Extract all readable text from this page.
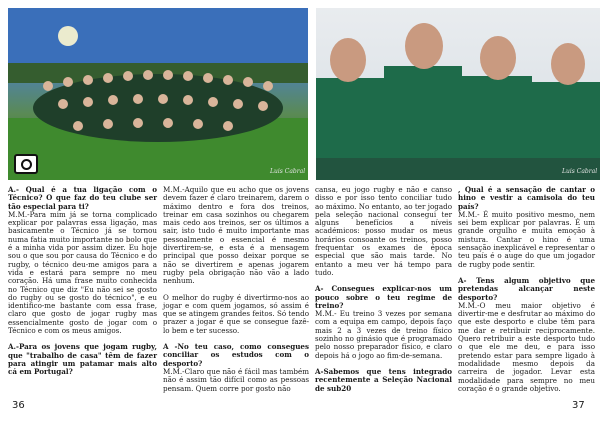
Luis Cabral	Luis Cabral

A.- Qual é a tua ligação com o Técnico? O que faz do teu clube ser tão especial para ti?
M.M.-Para mim já se torna complicado explicar por palavras essa ligação, mas basicamente o Técnico já se tornou numa fatia muito importante no bolo que é a minha vida por assim dizer. Eu hoje sou o que sou por causa do Técnico e do rugby, o técnico deu-me amigos para a vida e estará para sempre no meu coração. Há uma frase muito conhecida no Técnico que diz "Eu não sei se gosto do rugby ou se gosto do técnico", e eu identifico-me bastante com essa frase, claro que gosto de jogar rugby mas essencialmente gosto de jogar com o Técnico e com os meus amigos.

A.-Para os jovens que jogam rugby, que "trabalho de casa" têm de fazer para atingir um patamar mais alto cá em Portugal?

M.M.-Aquilo que eu acho que os jovens devem fazer é claro treinarem, darem o máximo dentro e fora dos treinos, treinar em casa sozinhos ou chegarem mais cedo aos treinos, ser os últimos a sair, isto tudo é muito importante mas pessoalmente o essencial é mesmo divertirem-se, e esta é a mensagem principal que posso deixar porque se não se divertirem e apenas jogarem rugby pela obrigação não vão a lado nenhum.

O melhor do rugby é divertirmo-nos ao jogar e com quem jogamos, só assim é que se atingem grandes feitos. Só tendo prazer a jogar é que se consegue fazê-lo bem e ter sucesso.

A -No teu caso, como consegues conciliar os estudos com o desporto?
M.M.-Claro que não é fácil mas também não é assim tão difícil como as pessoas pensam. Quem corre por gosto não

cansa, eu jogo rugby e não e canso disso e por isso tento conciliar tudo ao máximo. No entanto, ao ter jogado pela seleção nacional consegui ter alguns benefícios a níveis académicos: posso mudar os meus horários consoante os treinos, posso frequentar os exames de época especial que são mais tarde. No entanto a meu ver há tempo para tudo.

A- Consegues explicar-nos um pouco sobre o teu regime de treino?
M.M.- Eu treino 3 vezes por semana com a equipa em campo, depois faço mais 2 a 3 vezes de treino físico sozinho no ginásio que é programado pelo nosso preparador físico, e claro depois há o jogo ao fim-de-semana.

A-Sabemos que tens integrado recentemente a Seleção Nacional de sub20

, Qual é a sensação de cantar o hino e vestir a camisola do teu país?
M.M.- É muito positivo mesmo, nem sei bem explicar por palavras. É um grande orgulho e muita emoção à mistura. Cantar o hino é uma sensação inexplicável e representar o teu país é o auge do que um jogador de rugby pode sentir.

A- Tens algum objetivo que pretendas alcançar neste desporto?
M.M.-O meu maior objetivo é divertir-me e desfrutar ao máximo do que este desporto e clube têm para me dar e retribuir reciprocamente. Quero retribuir a este desporto tudo o que ele me deu, e para isso pretendo estar para sempre ligado à modalidade mesmo depois da carreira de jogador. Levar esta modalidade para sempre no meu coração é o grande objetivo.

36	37
